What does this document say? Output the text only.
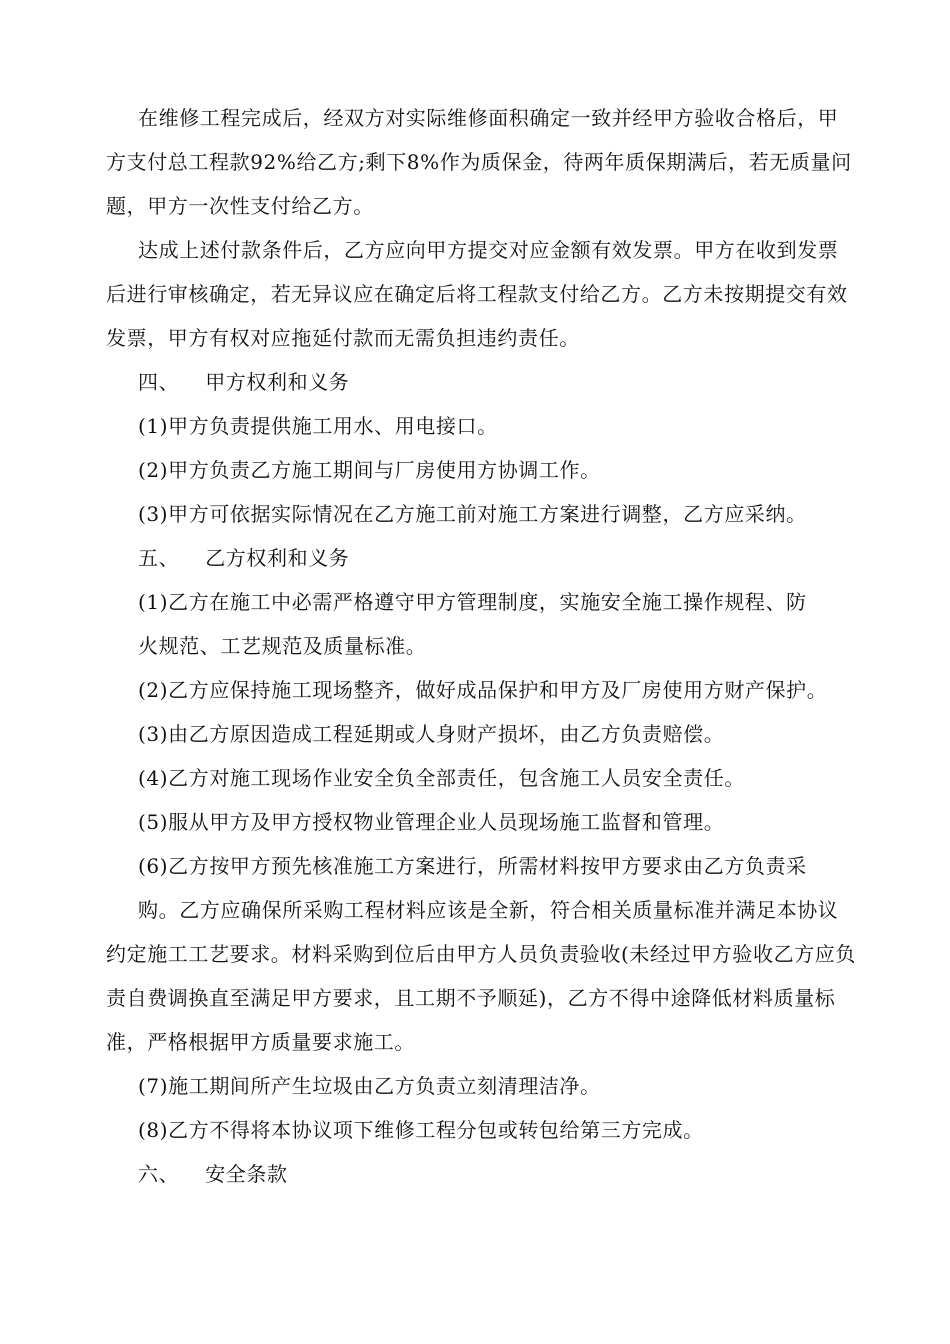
在维修工程完成后，经双方对实际维修面积确定一致并经甲方验收合格后，甲
方支付总工程款92%给乙方;剩下8%作为质保金，待两年质保期满后，若无质量问
题，甲方一次性支付给乙方。
达成上述付款条件后，乙方应向甲方提交对应金额有效发票。甲方在收到发票
后进行审核确定，若无异议应在确定后将工程款支付给乙方。乙方未按期提交有效
发票，甲方有权对应拖延付款而无需负担违约责任。
四、 甲方权利和义务
(1)甲方负责提供施工用水、用电接口。
(2)甲方负责乙方施工期间与厂房使用方协调工作。
(3)甲方可依据实际情况在乙方施工前对施工方案进行调整，乙方应采纳。
五、 乙方权利和义务
(1)乙方在施工中必需严格遵守甲方管理制度，实施安全施工操作规程、防
火规范、工艺规范及质量标准。
(2)乙方应保持施工现场整齐，做好成品保护和甲方及厂房使用方财产保护。
(3)由乙方原因造成工程延期或人身财产损坏，由乙方负责赔偿。
(4)乙方对施工现场作业安全负全部责任，包含施工人员安全责任。
(5)服从甲方及甲方授权物业管理企业人员现场施工监督和管理。
(6)乙方按甲方预先核准施工方案进行，所需材料按甲方要求由乙方负责采
购。乙方应确保所采购工程材料应该是全新，符合相关质量标准并满足本协议
约定施工工艺要求。材料采购到位后由甲方人员负责验收(未经过甲方验收乙方应负
责自费调换直至满足甲方要求，且工期不予顺延)，乙方不得中途降低材料质量标
准，严格根据甲方质量要求施工。
(7)施工期间所产生垃圾由乙方负责立刻清理洁净。
(8)乙方不得将本协议项下维修工程分包或转包给第三方完成。
六、 安全条款
